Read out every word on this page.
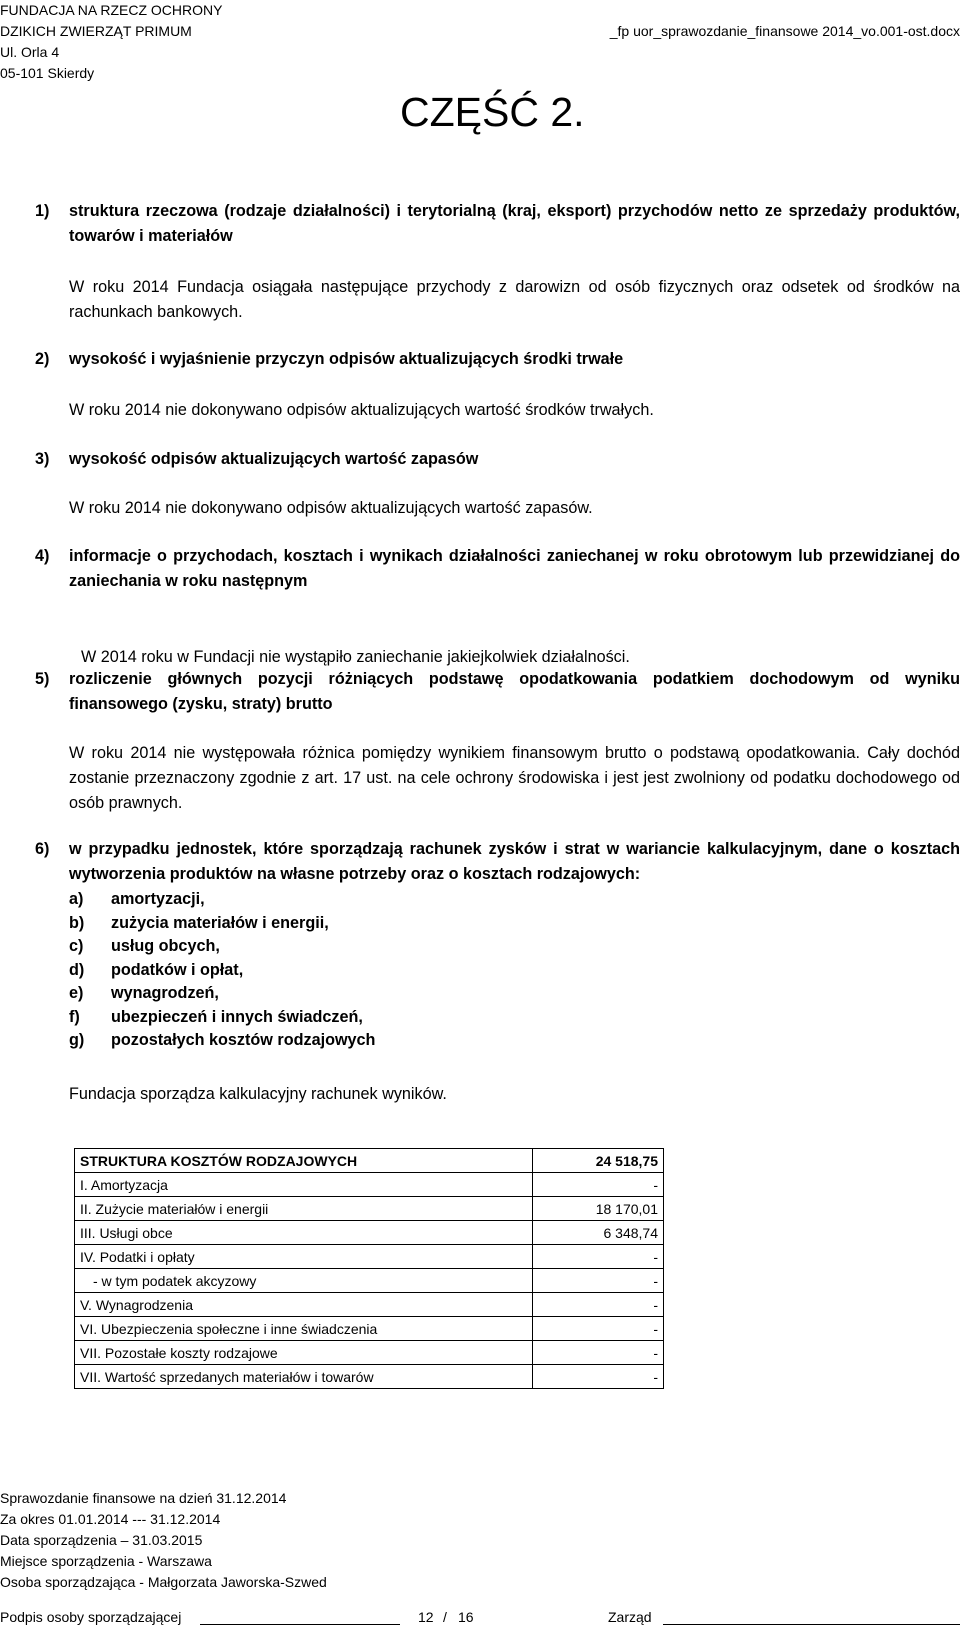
FUNDACJA NA RZECZ OCHRONY
DZIKICH ZWIERZĄT PRIMUM
Ul. Orla 4
05-101 Skierdy
_fp uor_sprawozdanie_finansowe 2014_vo.001-ost.docx
CZĘŚĆ 2.
1) struktura rzeczowa (rodzaje działalności) i terytorialną (kraj, eksport) przychodów netto ze sprzedaży produktów, towarów i materiałów
W roku 2014 Fundacja osiągała następujące przychody z darowizn od osób fizycznych oraz odsetek od środków na rachunkach bankowych.
2) wysokość i wyjaśnienie przyczyn odpisów aktualizujących środki trwałe
W roku 2014 nie dokonywano odpisów aktualizujących wartość środków trwałych.
3) wysokość odpisów aktualizujących wartość zapasów
W roku 2014 nie dokonywano odpisów aktualizujących wartość zapasów.
4) informacje o przychodach, kosztach i wynikach działalności zaniechanej w roku obrotowym lub przewidzianej do zaniechania w roku następnym
W 2014 roku w Fundacji nie wystąpiło zaniechanie jakiejkolwiek działalności.
5) rozliczenie głównych pozycji różniących podstawę opodatkowania podatkiem dochodowym od wyniku finansowego (zysku, straty) brutto
W roku 2014 nie występowała różnica pomiędzy wynikiem finansowym brutto o podstawą opodatkowania. Cały dochód zostanie przeznaczony zgodnie z art. 17 ust. na cele ochrony środowiska i jest jest zwolniony od podatku dochodowego od osób prawnych.
6) w przypadku jednostek, które sporządzają rachunek zysków i strat w wariancie kalkulacyjnym, dane o kosztach wytworzenia produktów na własne potrzeby oraz o kosztach rodzajowych:
a) amortyzacji,
b) zużycia materiałów i energii,
c) usług obcych,
d) podatków i opłat,
e) wynagrodzeń,
f) ubezpieczeń i innych świadczeń,
g) pozostałych kosztów rodzajowych
Fundacja sporządza kalkulacyjny rachunek wyników.
STRUKTURA KOSZTÓW RODZAJOWYCH	24 518,75
I. Amortyzacja	-
II. Zużycie materiałów i energii	18 170,01
III. Usługi obce	6 348,74
IV. Podatki i opłaty	-
- w tym podatek akcyzowy	-
V. Wynagrodzenia	-
VI. Ubezpieczenia społeczne i inne świadczenia	-
VII. Pozostałe koszty rodzajowe	-
VII. Wartość sprzedanych materiałów i towarów	-
Sprawozdanie finansowe na dzień 31.12.2014
Za okres 01.01.2014 --- 31.12.2014
Data sporządzenia – 31.03.2015
Miejsce sporządzenia - Warszawa
Osoba sporządzająca - Małgorzata Jaworska-Szwed
Podpis osoby sporządzającej	12 / 16	Zarząd
